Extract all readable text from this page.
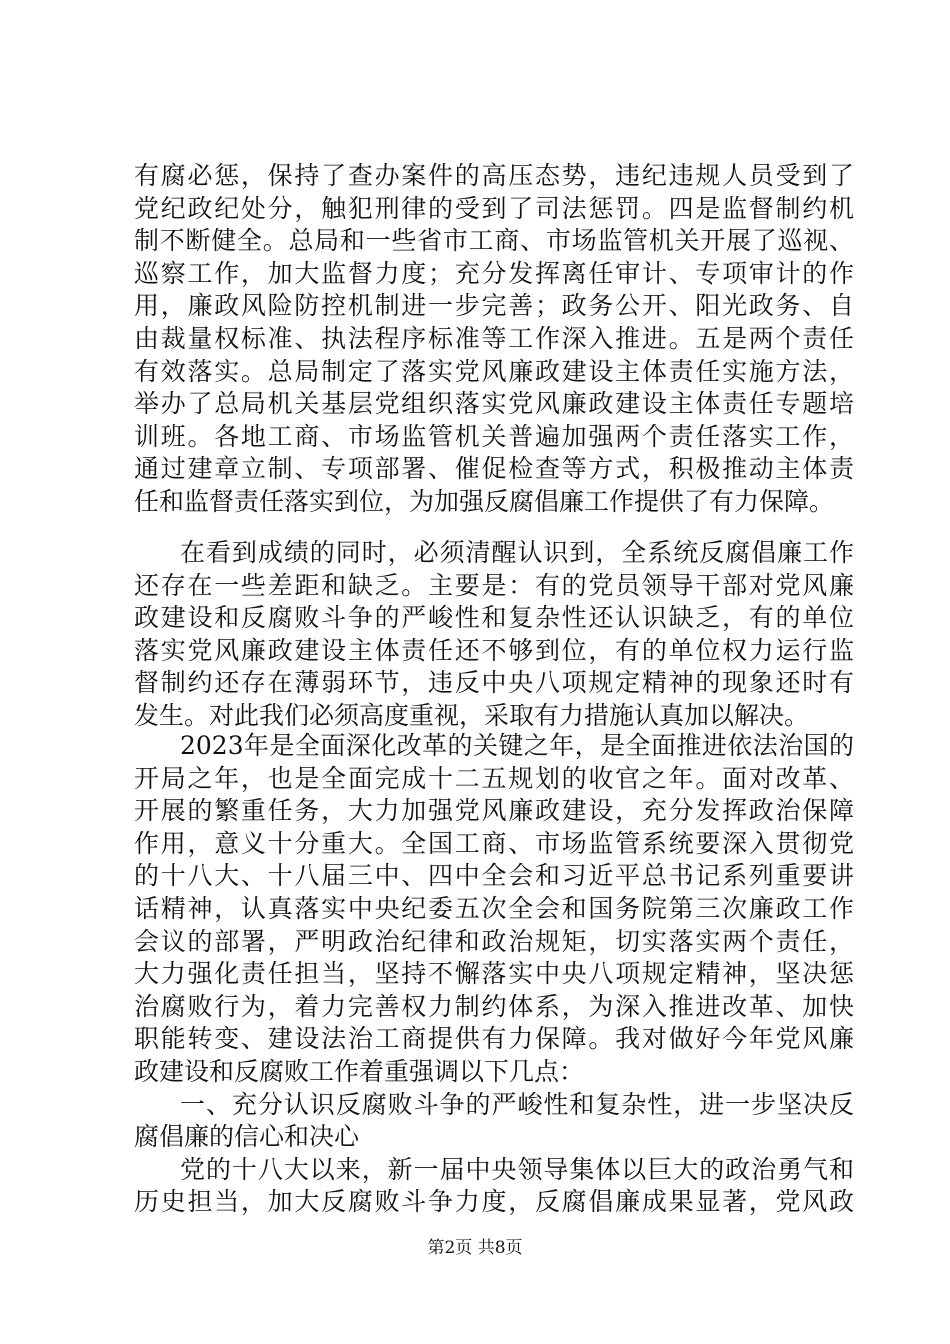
有腐必惩，保持了查办案件的高压态势，违纪违规人员受到了
党纪政纪处分，触犯刑律的受到了司法惩罚。四是监督制约机
制不断健全。总局和一些省市工商、市场监管机关开展了巡视、
巡察工作，加大监督力度；充分发挥离任审计、专项审计的作
用，廉政风险防控机制进一步完善；政务公开、阳光政务、自
由裁量权标准、执法程序标准等工作深入推进。五是两个责任
有效落实。总局制定了落实党风廉政建设主体责任实施方法，
举办了总局机关基层党组织落实党风廉政建设主体责任专题培
训班。各地工商、市场监管机关普遍加强两个责任落实工作，
通过建章立制、专项部署、催促检查等方式，积极推动主体责
任和监督责任落实到位，为加强反腐倡廉工作提供了有力保障。
在看到成绩的同时，必须清醒认识到，全系统反腐倡廉工作
还存在一些差距和缺乏。主要是：有的党员领导干部对党风廉
政建设和反腐败斗争的严峻性和复杂性还认识缺乏，有的单位
落实党风廉政建设主体责任还不够到位，有的单位权力运行监
督制约还存在薄弱环节，违反中央八项规定精神的现象还时有
发生。对此我们必须高度重视，采取有力措施认真加以解决。
2023年是全面深化改革的关键之年，是全面推进依法治国的
开局之年，也是全面完成十二五规划的收官之年。面对改革、
开展的繁重任务，大力加强党风廉政建设，充分发挥政治保障
作用，意义十分重大。全国工商、市场监管系统要深入贯彻党
的十八大、十八届三中、四中全会和习近平总书记系列重要讲
话精神，认真落实中央纪委五次全会和国务院第三次廉政工作
会议的部署，严明政治纪律和政治规矩，切实落实两个责任，
大力强化责任担当，坚持不懈落实中央八项规定精神，坚决惩
治腐败行为，着力完善权力制约体系，为深入推进改革、加快
职能转变、建设法治工商提供有力保障。我对做好今年党风廉
政建设和反腐败工作着重强调以下几点：
一、充分认识反腐败斗争的严峻性和复杂性，进一步坚决反
腐倡廉的信心和决心
党的十八大以来，新一届中央领导集体以巨大的政治勇气和
历史担当，加大反腐败斗争力度，反腐倡廉成果显著，党风政
第2页 共8页
